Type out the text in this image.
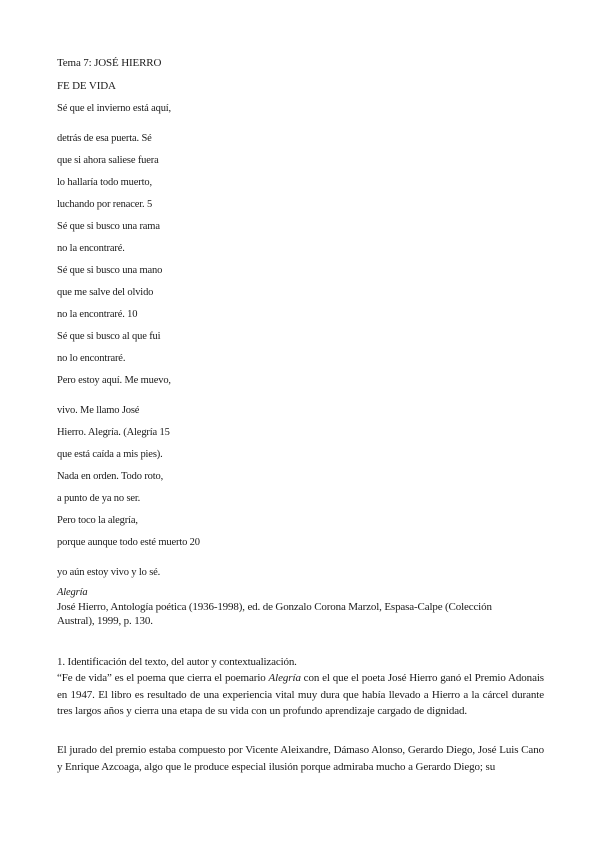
Tema 7: JOSÉ HIERRO
FE DE VIDA
Sé que el invierno está aquí,
detrás de esa puerta. Sé
que si ahora saliese fuera
lo hallaría todo muerto,
luchando por renacer. 5
Sé que si busco una rama
no la encontraré.
Sé que si busco una mano
que me salve del olvido
no la encontraré. 10
Sé que si busco al que fui
no lo encontraré.
Pero estoy aquí. Me muevo,
vivo. Me llamo José
Hierro. Alegría. (Alegría 15
que está caída a mis pies).
Nada en orden. Todo roto,
a punto de ya no ser.
Pero toco la alegría,
porque aunque todo esté muerto 20
yo aún estoy vivo y lo sé.
Alegría
José Hierro, Antología poética (1936-1998), ed. de Gonzalo Corona Marzol, Espasa-Calpe (Colección
Austral), 1999, p. 130.
1. Identificación del texto, del autor y contextualización.

“Fe de vida” es el poema que cierra el poemario Alegría con el que el poeta José Hierro ganó el Premio Adonais en 1947. El libro es resultado de una experiencia vital muy dura que había llevado a Hierro a la cárcel durante tres largos años y cierra una etapa de su vida con un profundo aprendizaje cargado de dignidad.

El jurado del premio estaba compuesto por Vicente Aleixandre, Dámaso Alonso, Gerardo Diego, José Luis Cano y Enrique Azcoaga, algo que le produce especial ilusión porque admiraba mucho a Gerardo Diego; su
